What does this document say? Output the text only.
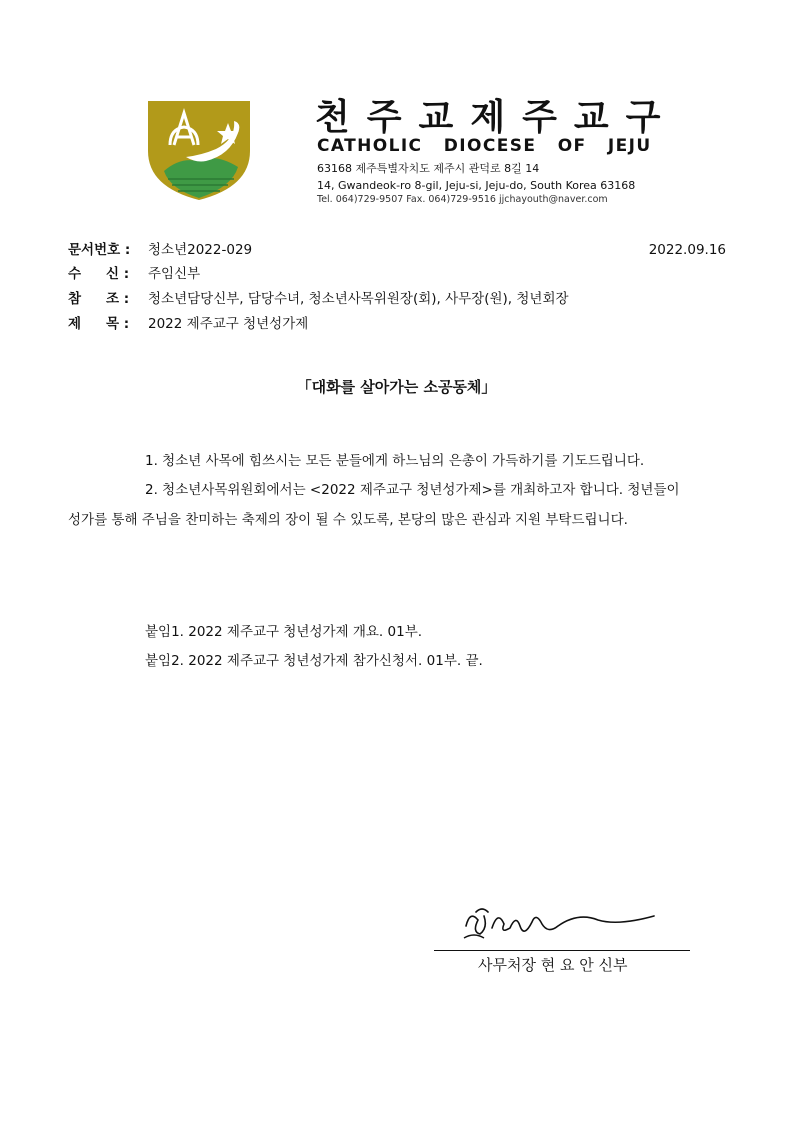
천주교제주교구
CATHOLIC DIOCESE OF JEJU
63168 제주특별자치도 제주시 관덕로 8길 14
14, Gwandeok-ro 8-gil, Jeju-si, Jeju-do, South Korea 63168
Tel. 064)729-9507 Fax. 064)729-9516 jjchayouth@naver.com
문서번호 : 청소년2022-029	2022.09.16
수 신 : 주임신부
참 조 : 청소년담당신부, 담당수녀, 청소년사목위원장(회), 사무장(원), 청년회장
제 목 : 2022 제주교구 청년성가제
「대화를 살아가는 소공동체」
1. 청소년 사목에 힘쓰시는 모든 분들에게 하느님의 은총이 가득하기를 기도드립니다.
2. 청소년사목위원회에서는 <2022 제주교구 청년성가제>를 개최하고자 합니다. 청년들이
성가를 통해 주님을 찬미하는 축제의 장이 될 수 있도록, 본당의 많은 관심과 지원 부탁드립니다.
붙임1. 2022 제주교구 청년성가제 개요. 01부.
붙임2. 2022 제주교구 청년성가제 참가신청서. 01부. 끝.
사무처장 현 요 안 신부
